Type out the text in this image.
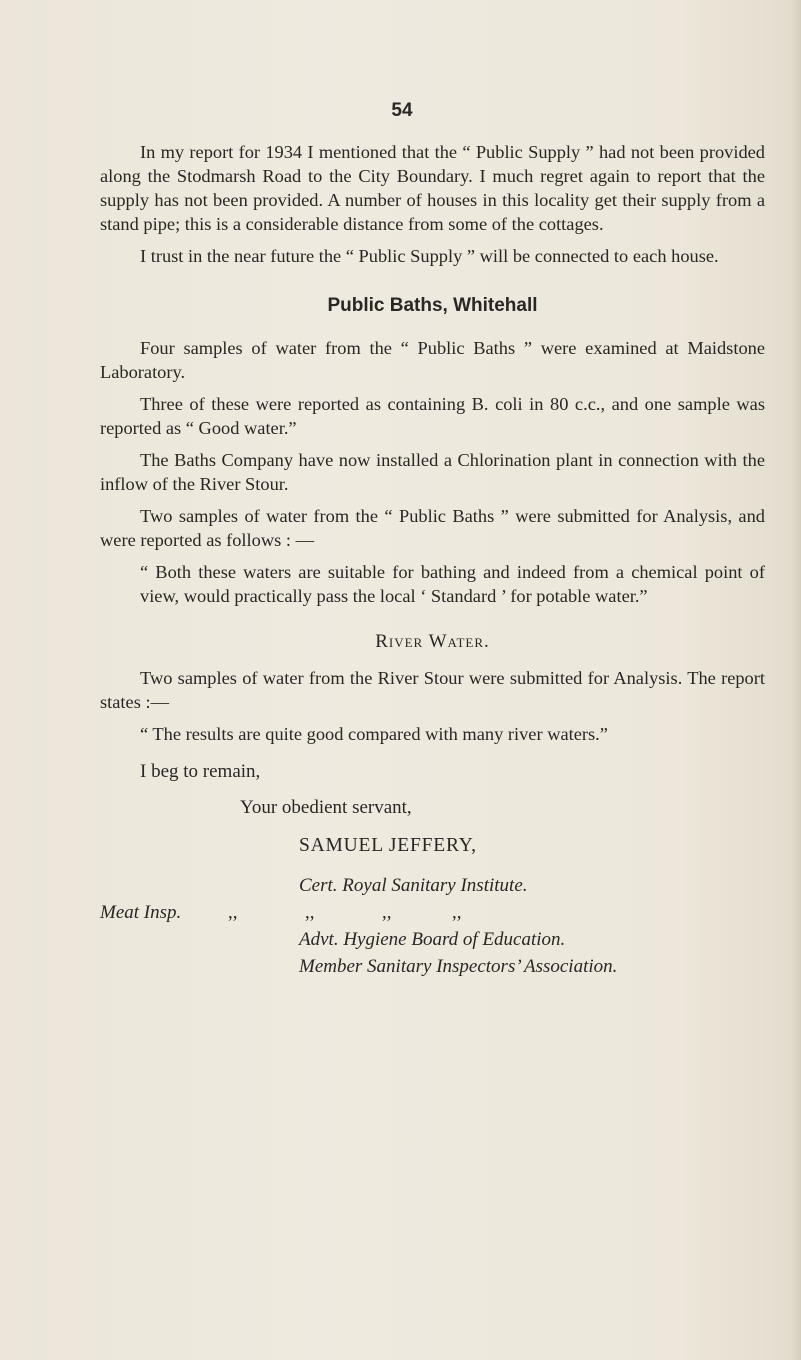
54

In my report for 1934 I mentioned that the “ Public Supply ” had not been provided along the Stodmarsh Road to the City Boundary. I much regret again to report that the supply has not been provided. A number of houses in this locality get their supply from a stand pipe; this is a considerable distance from some of the cottages.

I trust in the near future the “ Public Supply ” will be connected to each house.

Public Baths, Whitehall

Four samples of water from the “ Public Baths ” were examined at Maidstone Laboratory.

Three of these were reported as containing B. coli in 80 c.c., and one sample was reported as “ Good water.”

The Baths Company have now installed a Chlorination plant in connection with the inflow of the River Stour.

Two samples of water from the “ Public Baths ” were submitted for Analysis, and were reported as follows : —

“ Both these waters are suitable for bathing and indeed from a chemical point of view, would practically pass the local ‘ Standard ’ for potable water.”

River Water.

Two samples of water from the River Stour were submitted for Analysis. The report states :—

“ The results are quite good compared with many river waters.”

I beg to remain,
Your obedient servant,
SAMUEL JEFFERY,
Cert. Royal Sanitary Institute.
Meat Insp. ,,	,,	,,	,,
Advt. Hygiene Board of Education.
Member Sanitary Inspectors’ Association.
